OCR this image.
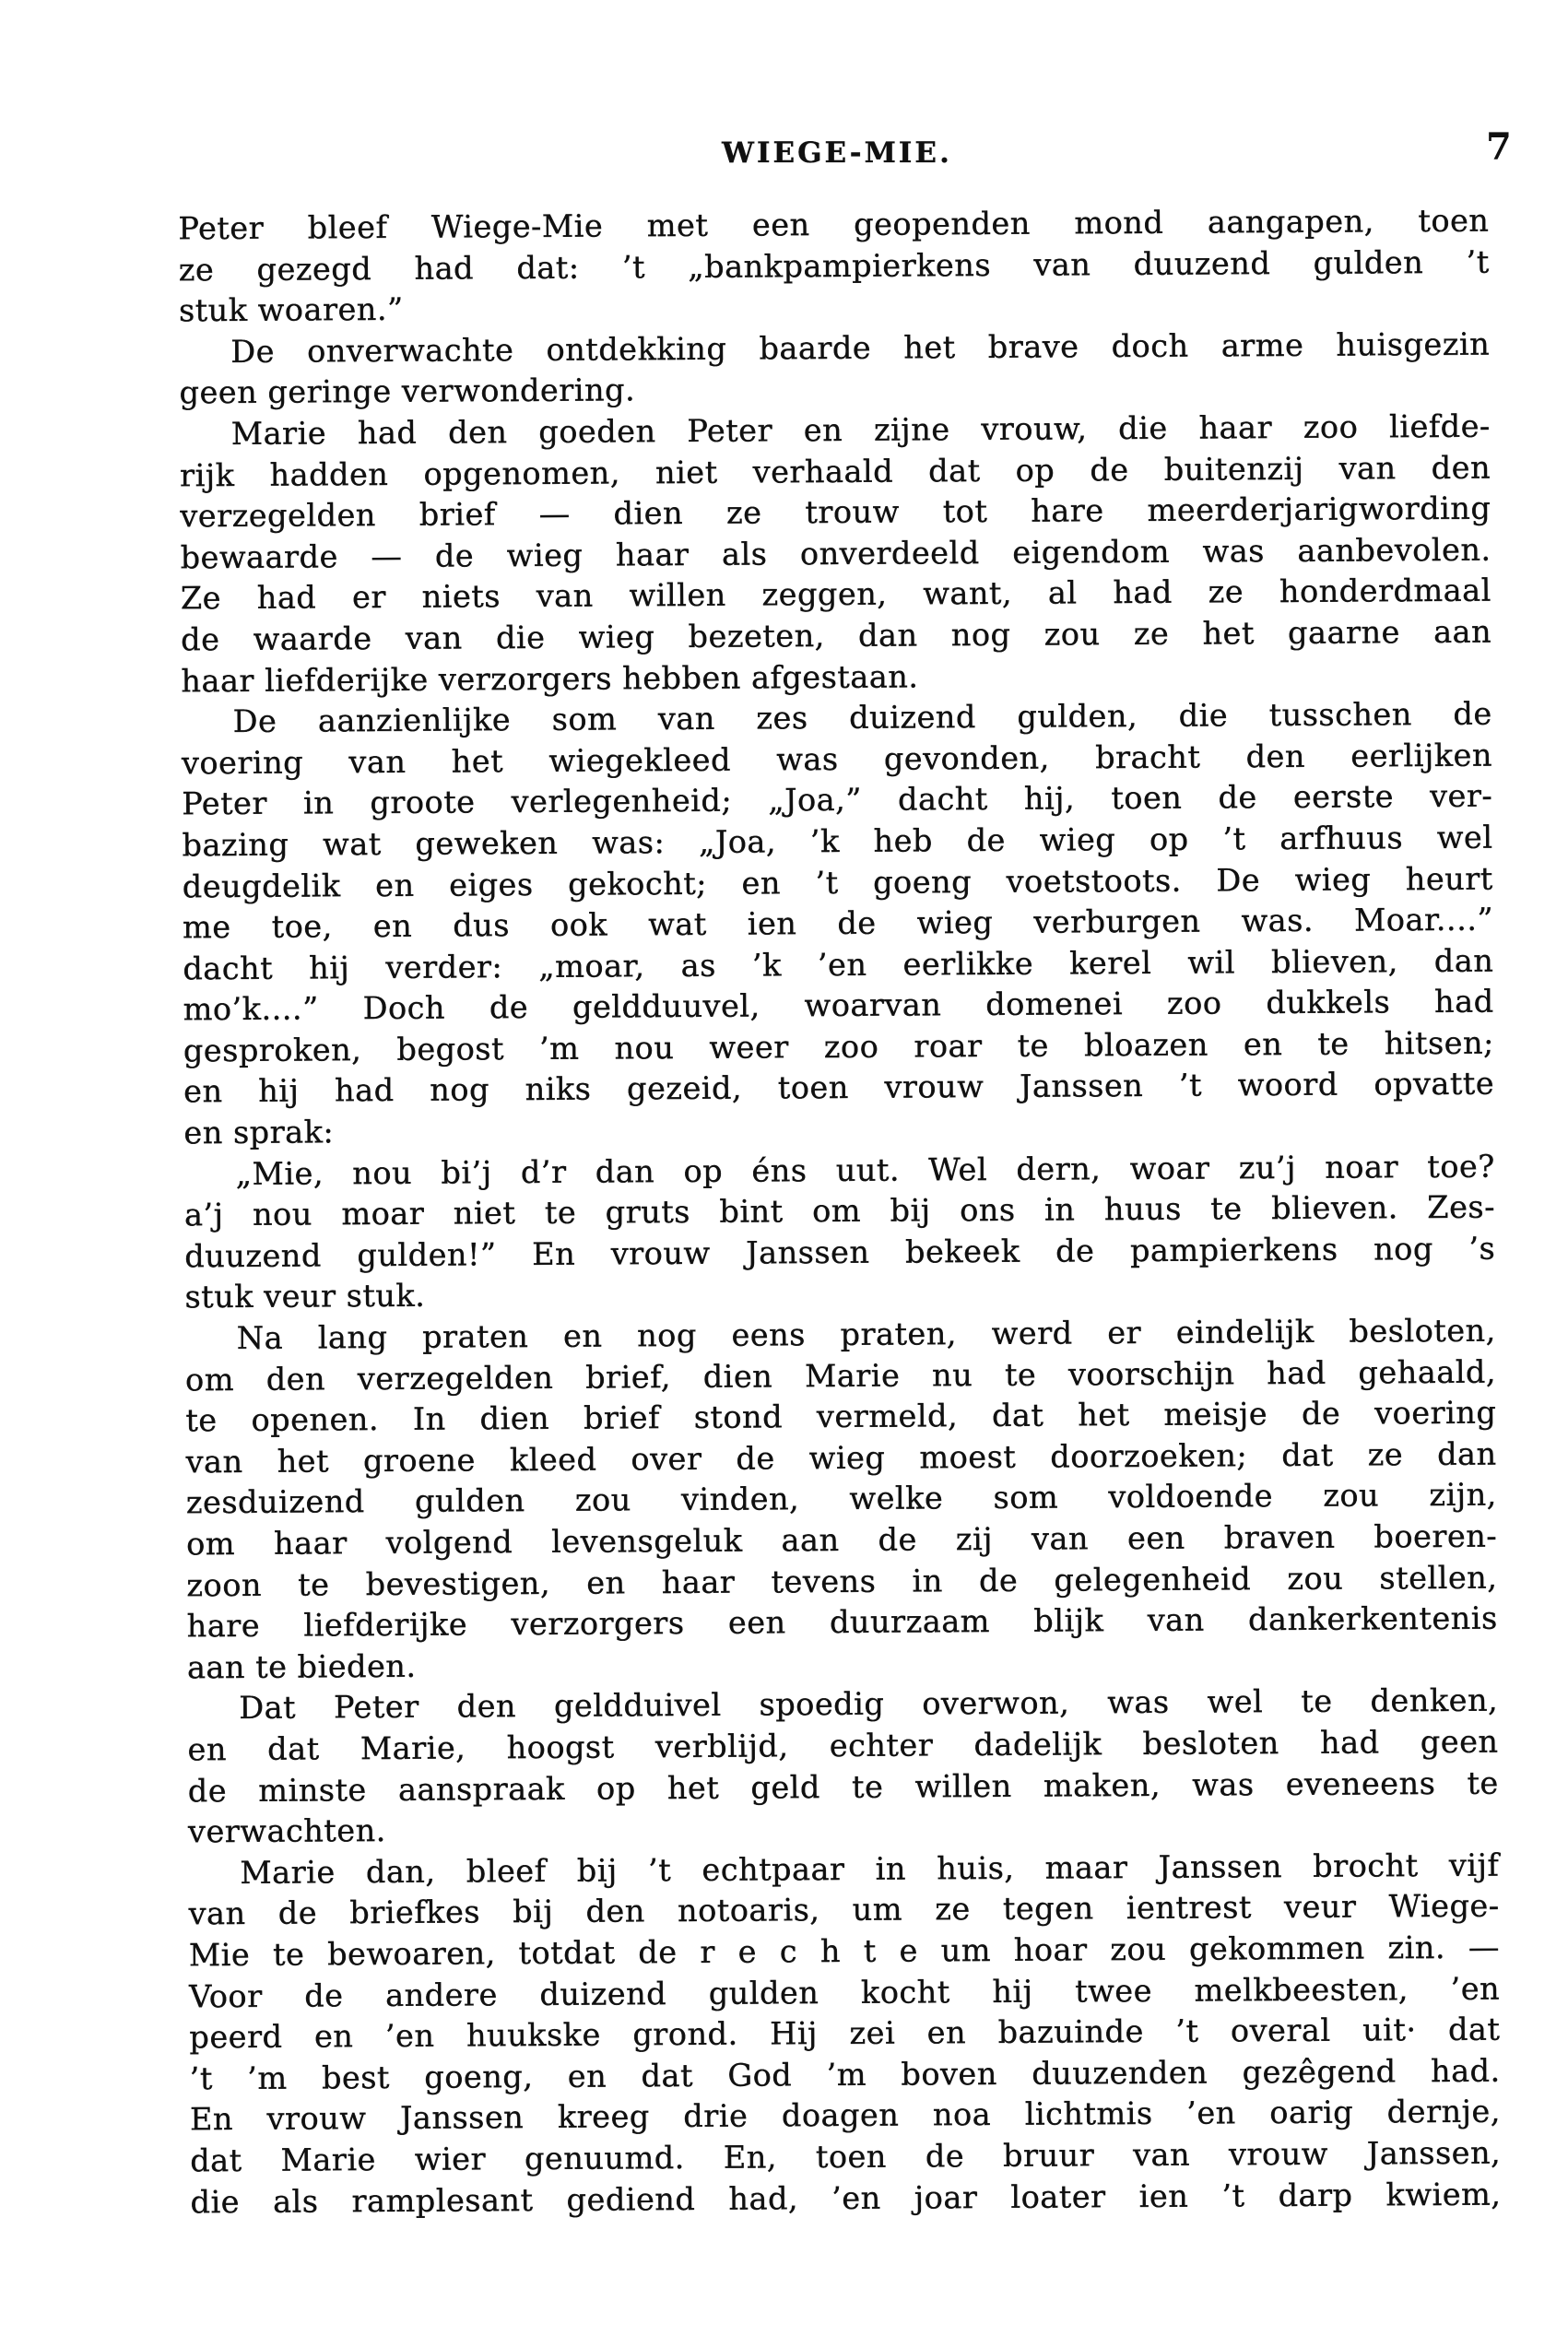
WIEGE-MIE.	7
Peter bleef Wiege-Mie met een geopenden mond aangapen, toen
ze gezegd had dat: ’t „bankpampierkens van duuzend gulden ’t
stuk woaren.”
De onverwachte ontdekking baarde het brave doch arme huisgezin
geen geringe verwondering.
Marie had den goeden Peter en zijne vrouw, die haar zoo liefde-
rijk hadden opgenomen, niet verhaald dat op de buitenzij van den
verzegelden brief — dien ze trouw tot hare meerderjarigwording
bewaarde — de wieg haar als onverdeeld eigendom was aanbevolen.
Ze had er niets van willen zeggen, want, al had ze honderdmaal
de waarde van die wieg bezeten, dan nog zou ze het gaarne aan
haar liefderijke verzorgers hebben afgestaan.
De aanzienlijke som van zes duizend gulden, die tusschen de
voering van het wiegekleed was gevonden, bracht den eerlijken
Peter in groote verlegenheid; „Joa,” dacht hij, toen de eerste ver-
bazing wat geweken was: „Joa, ’k heb de wieg op ’t arfhuus wel
deugdelik en eiges gekocht; en ’t goeng voetstoots. De wieg heurt
me toe, en dus ook wat ien de wieg verburgen was. Moar....”
dacht hij verder: „moar, as ’k ’en eerlikke kerel wil blieven, dan
mo’k....” Doch de geldduuvel, woarvan domenei zoo dukkels had
gesproken, begost ’m nou weer zoo roar te bloazen en te hitsen;
en hij had nog niks gezeid, toen vrouw Janssen ’t woord opvatte
en sprak:
„Mie, nou bi’j d’r dan op éns uut. Wel dern, woar zu’j noar toe?
a’j nou moar niet te gruts bint om bij ons in huus te blieven. Zes-
duuzend gulden!” En vrouw Janssen bekeek de pampierkens nog ’s
stuk veur stuk.
Na lang praten en nog eens praten, werd er eindelijk besloten,
om den verzegelden brief, dien Marie nu te voorschijn had gehaald,
te openen. In dien brief stond vermeld, dat het meisje de voering
van het groene kleed over de wieg moest doorzoeken; dat ze dan
zesduizend gulden zou vinden, welke som voldoende zou zijn,
om haar volgend levensgeluk aan de zij van een braven boeren-
zoon te bevestigen, en haar tevens in de gelegenheid zou stellen,
hare liefderijke verzorgers een duurzaam blijk van dankerkentenis
aan te bieden.
Dat Peter den geldduivel spoedig overwon, was wel te denken,
en dat Marie, hoogst verblijd, echter dadelijk besloten had geen
de minste aanspraak op het geld te willen maken, was eveneens te
verwachten.
Marie dan, bleef bij ’t echtpaar in huis, maar Janssen brocht vijf
van de briefkes bij den notoaris, um ze tegen ientrest veur Wiege-
Mie te bewoaren, totdat de r e c h t e um hoar zou gekommen zin. —
Voor de andere duizend gulden kocht hij twee melkbeesten, ’en
peerd en ’en huukske grond. Hij zei en bazuinde ’t overal uit· dat
’t ’m best goeng, en dat God ’m boven duuzenden gezêgend had.
En vrouw Janssen kreeg drie doagen noa lichtmis ’en oarig dernje,
dat Marie wier genuumd. En, toen de bruur van vrouw Janssen,
die als ramplesant gediend had, ’en joar loater ien ’t darp kwiem,
